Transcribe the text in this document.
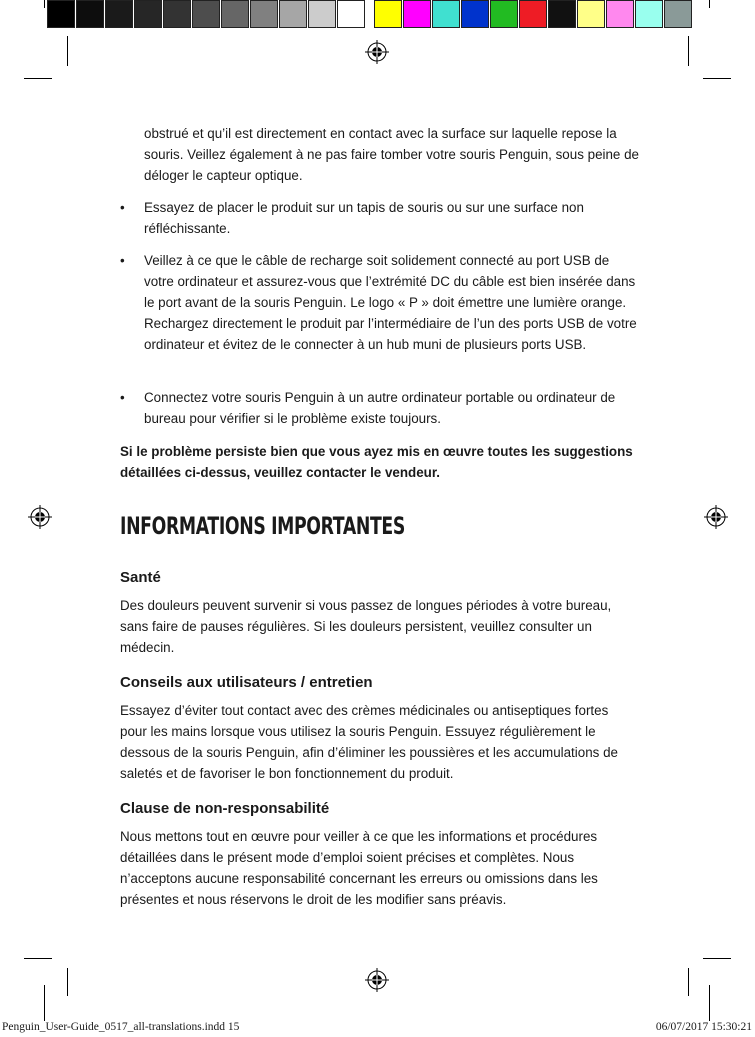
obstrué et qu’il est directement en contact avec la surface sur laquelle repose la souris. Veillez également à ne pas faire tomber votre souris Penguin, sous peine de déloger le capteur optique.
•	Essayez de placer le produit sur un tapis de souris ou sur une surface non réfléchissante.
•	Veillez à ce que le câble de recharge soit solidement connecté au port USB de votre ordinateur et assurez-vous que l’extrémité DC du câble est bien insérée dans le port avant de la souris Penguin. Le logo « P » doit émettre une lumière orange. Rechargez directement le produit par l’intermédiaire de l’un des ports USB de votre ordinateur et évitez de le connecter à un hub muni de plusieurs ports USB.
•	Connectez votre souris Penguin à un autre ordinateur portable ou ordinateur de bureau pour vérifier si le problème existe toujours.
Si le problème persiste bien que vous ayez mis en œuvre toutes les suggestions détaillées ci-dessus, veuillez contacter le vendeur.
INFORMATIONS IMPORTANTES
Santé
Des douleurs peuvent survenir si vous passez de longues périodes à votre bureau, sans faire de pauses régulières. Si les douleurs persistent, veuillez consulter un médecin.
Conseils aux utilisateurs / entretien
Essayez d’éviter tout contact avec des crèmes médicinales ou antiseptiques fortes pour les mains lorsque vous utilisez la souris Penguin. Essuyez régulièrement le dessous de la souris Penguin, afin d’éliminer les poussières et les accumulations de saletés et de favoriser le bon fonctionnement du produit.
Clause de non-responsabilité
Nous mettons tout en œuvre pour veiller à ce que les informations et procédures détaillées dans le présent mode d’emploi soient précises et complètes. Nous n’acceptons aucune responsabilité concernant les erreurs ou omissions dans les présentes et nous réservons le droit de les modifier sans préavis.
Penguin_User-Guide_0517_all-translations.indd 15	06/07/2017 15:30:21
